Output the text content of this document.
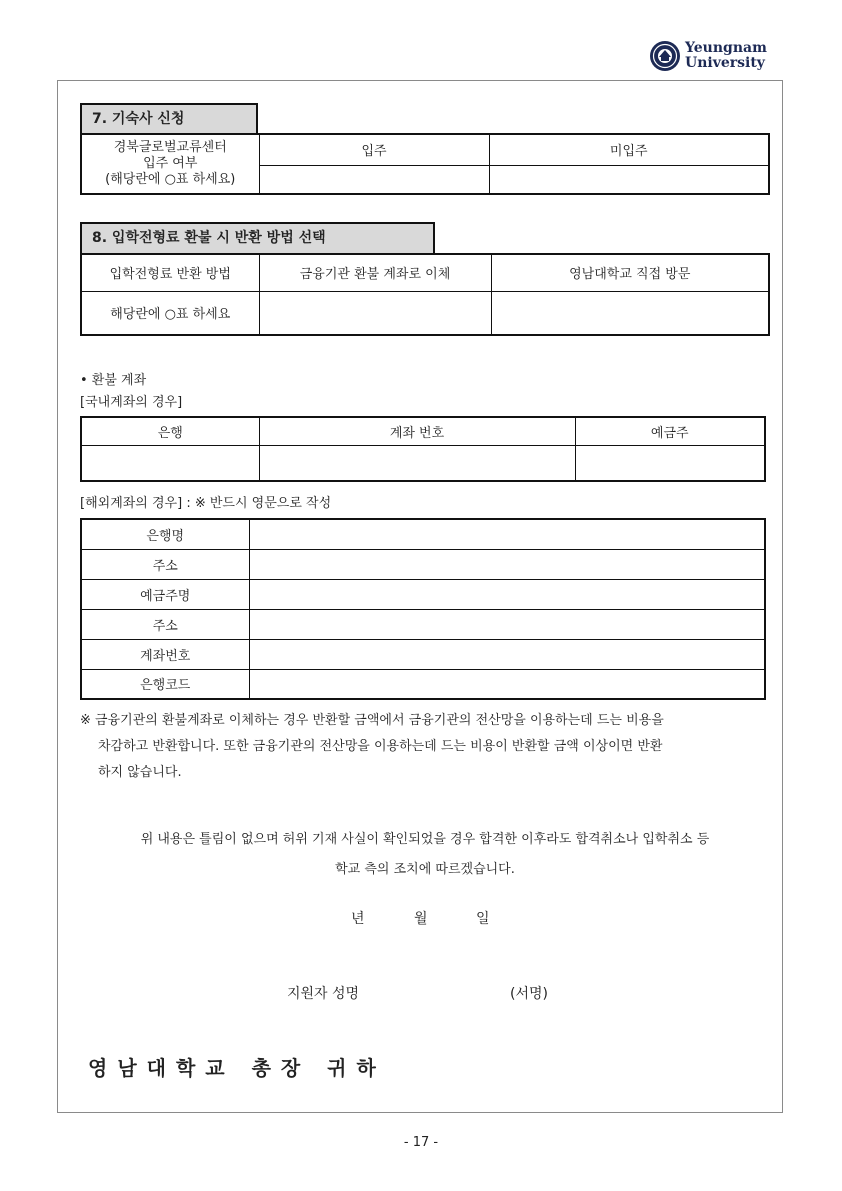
Yeungnam
University
7. 기숙사 신청
경북글로벌교류센터
입주 여부
(해당란에 ○표 하세요)	입주	미입주

8. 입학전형료 환불 시 반환 방법 선택
입학전형료 반환 방법	금융기관 환불 계좌로 이체	영남대학교 직접 방문
해당란에 ○표 하세요		
• 환불 계좌
[국내계좌의 경우]
은행	계좌 번호	예금주

[해외계좌의 경우] : ※ 반드시 영문으로 작성
은행명	
주소	
예금주명	
주소	
계좌번호	
은행코드	
※ 금융기관의 환불계좌로 이체하는 경우 반환할 금액에서 금융기관의 전산망을 이용하는데 드는 비용을
차감하고 반환합니다. 또한 금융기관의 전산망을 이용하는데 드는 비용이 반환할 금액 이상이면 반환
하지 않습니다.
위 내용은 틀림이 없으며 허위 기재 사실이 확인되었을 경우 합격한 이후라도 합격취소나 입학취소 등
학교 측의 조치에 따르겠습니다.
년	월	일
지원자 성명	(서명)
영남대학교 총장 귀하
- 17 -
